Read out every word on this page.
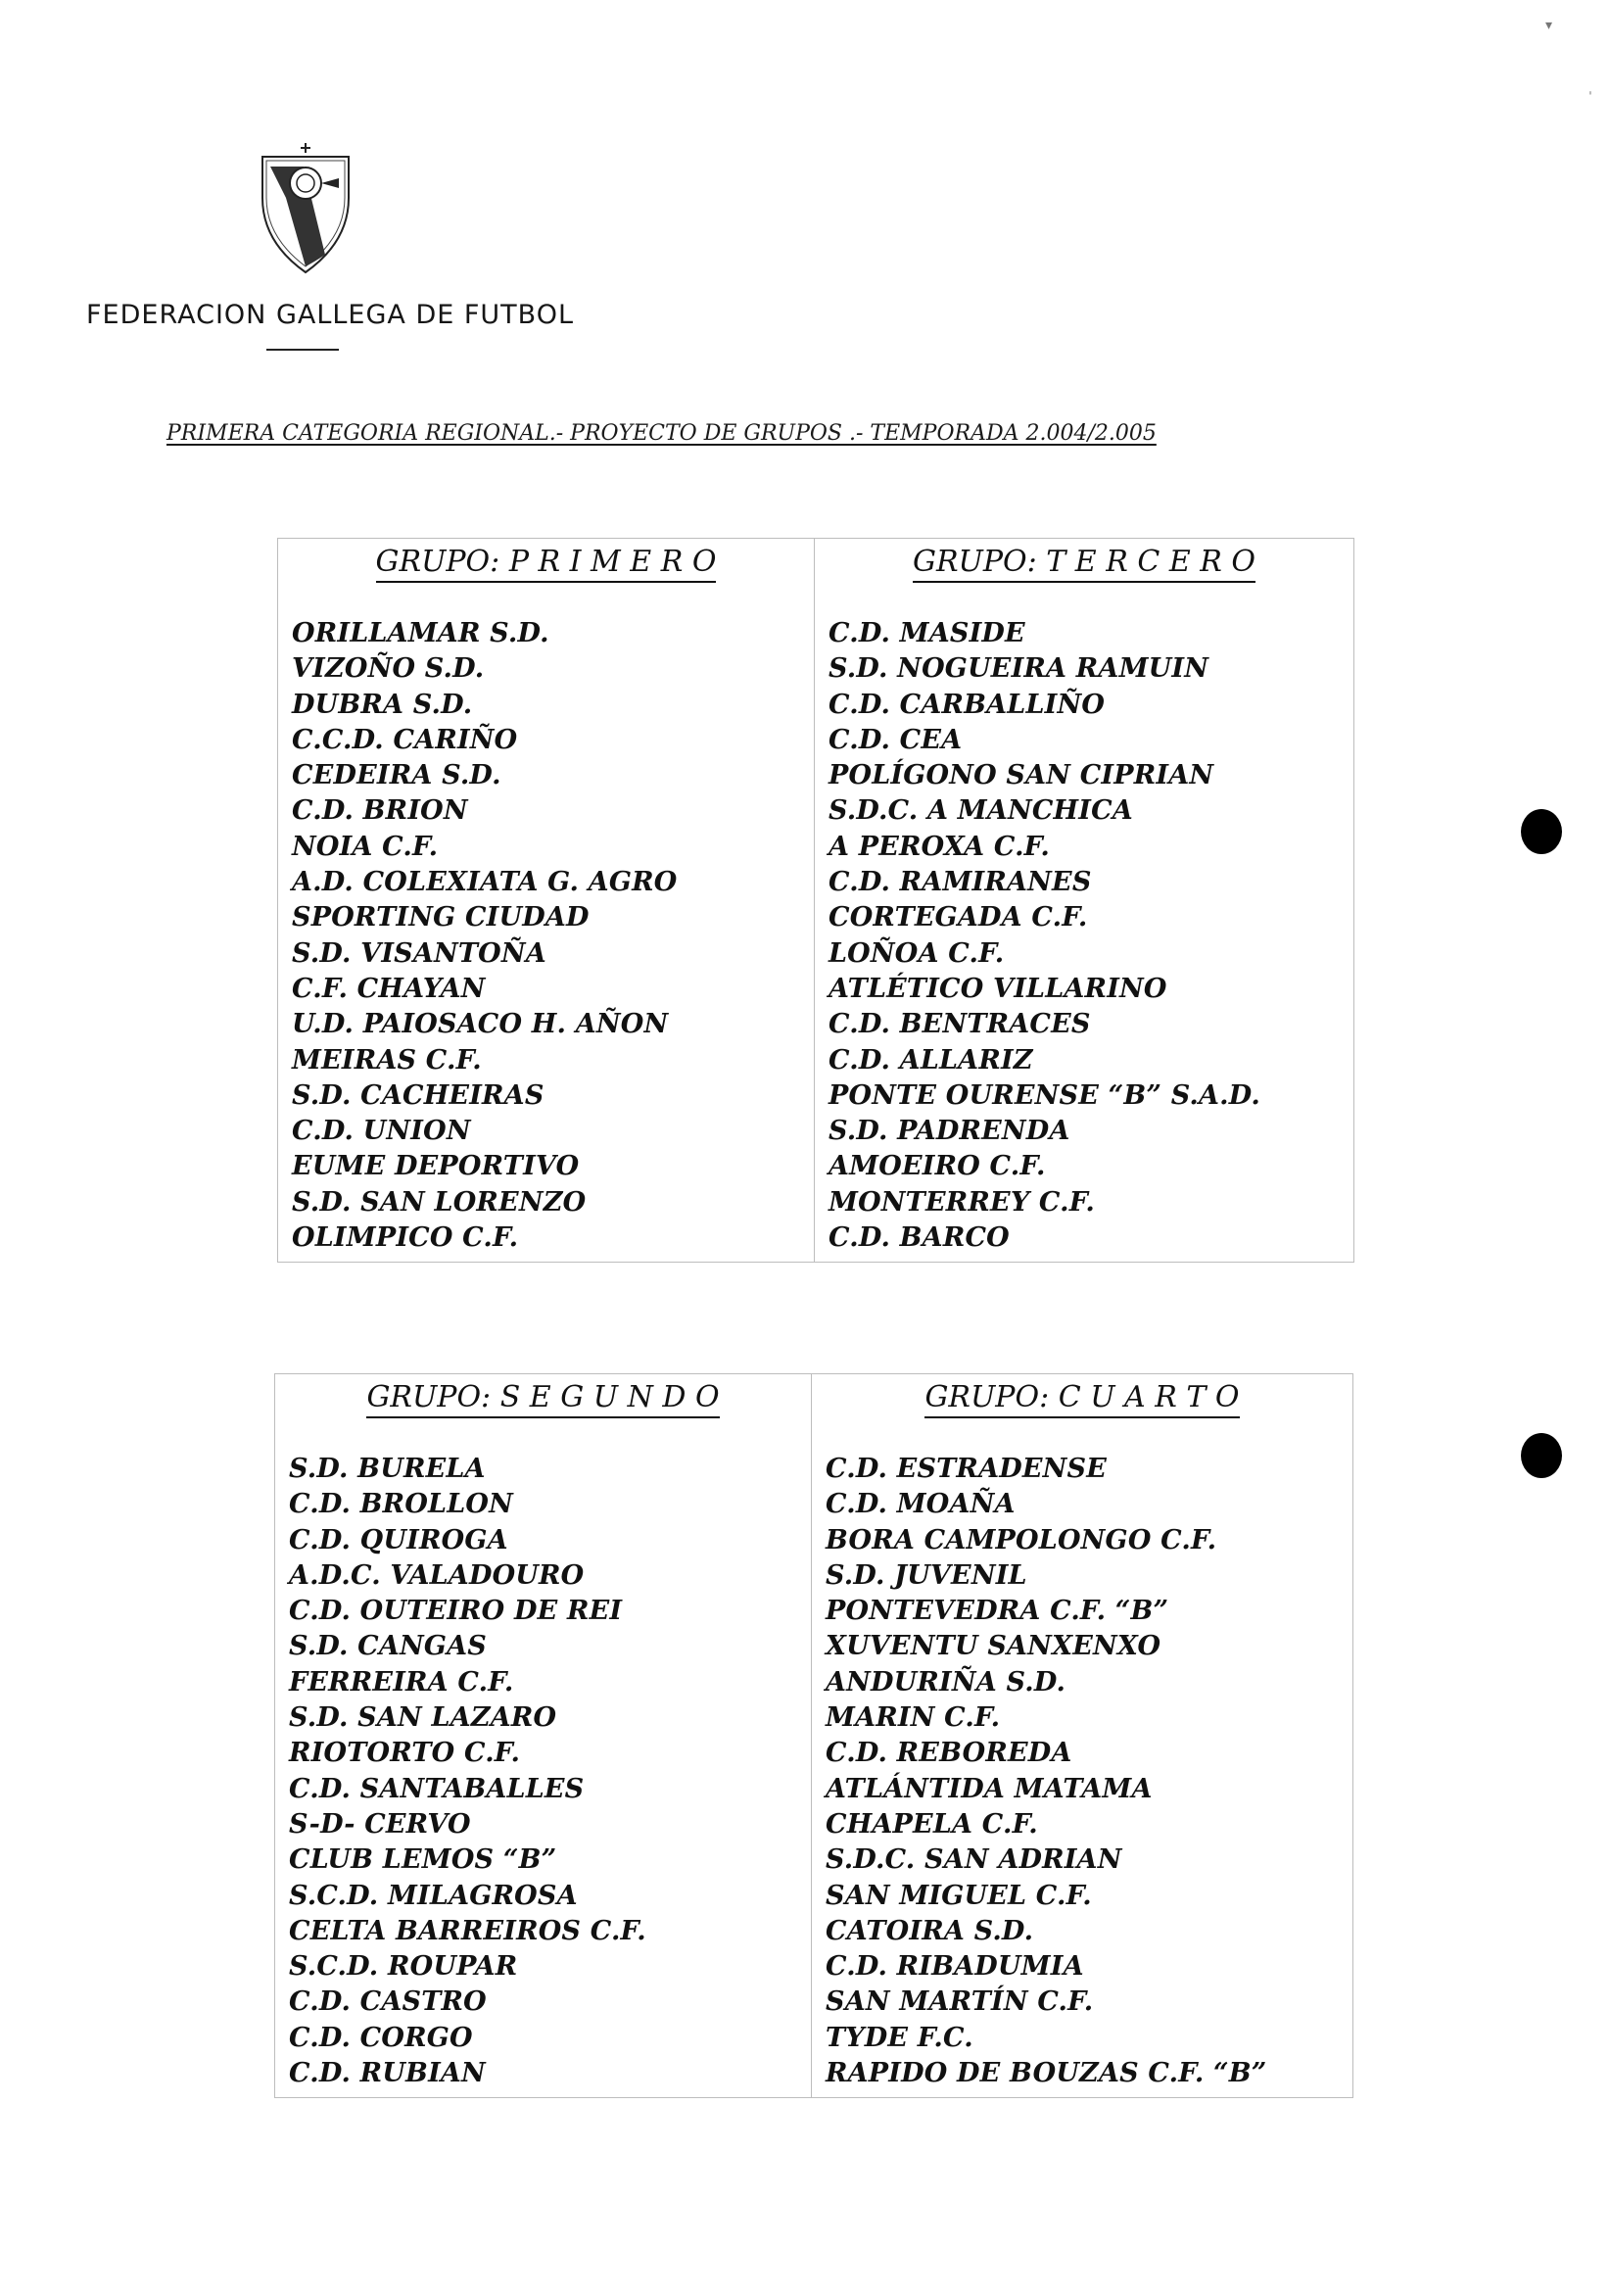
FEDERACION GALLEGA DE FUTBOL
PRIMERA CATEGORIA REGIONAL.- PROYECTO DE GRUPOS .- TEMPORADA 2.004/2.005
GRUPO: P R I M E R O
ORILLAMAR S.D.
VIZOÑO S.D.
DUBRA S.D.
C.C.D. CARIÑO
CEDEIRA S.D.
C.D. BRION
NOIA C.F.
A.D. COLEXIATA G. AGRO
SPORTING CIUDAD
S.D. VISANTOÑA
C.F. CHAYAN
U.D. PAIOSACO H. AÑON
MEIRAS C.F.
S.D. CACHEIRAS
C.D. UNION
EUME DEPORTIVO
S.D. SAN LORENZO
OLIMPICO C.F.
GRUPO: T E R C E R O
C.D. MASIDE
S.D. NOGUEIRA RAMUIN
C.D. CARBALLIÑO
C.D. CEA
POLÍGONO SAN CIPRIAN
S.D.C. A MANCHICA
A PEROXA C.F.
C.D. RAMIRANES
CORTEGADA C.F.
LOÑOA C.F.
ATLÉTICO VILLARINO
C.D. BENTRACES
C.D. ALLARIZ
PONTE OURENSE “B” S.A.D.
S.D. PADRENDA
AMOEIRO C.F.
MONTERREY C.F.
C.D. BARCO
GRUPO: S E G U N D O
S.D. BURELA
C.D. BROLLON
C.D. QUIROGA
A.D.C. VALADOURO
C.D. OUTEIRO DE REI
S.D. CANGAS
FERREIRA C.F.
S.D. SAN LAZARO
RIOTORTO C.F.
C.D. SANTABALLES
S-D- CERVO
CLUB LEMOS “B”
S.C.D. MILAGROSA
CELTA BARREIROS C.F.
S.C.D. ROUPAR
C.D. CASTRO
C.D. CORGO
C.D. RUBIAN
GRUPO: C U A R T O
C.D. ESTRADENSE
C.D. MOAÑA
BORA CAMPOLONGO C.F.
S.D. JUVENIL
PONTEVEDRA C.F. “B”
XUVENTU SANXENXO
ANDURIÑA S.D.
MARIN C.F.
C.D. REBOREDA
ATLÁNTIDA MATAMA
CHAPELA C.F.
S.D.C. SAN ADRIAN
SAN MIGUEL C.F.
CATOIRA S.D.
C.D. RIBADUMIA
SAN MARTÍN C.F.
TYDE F.C.
RAPIDO DE BOUZAS C.F. “B”
▾
ˈ
